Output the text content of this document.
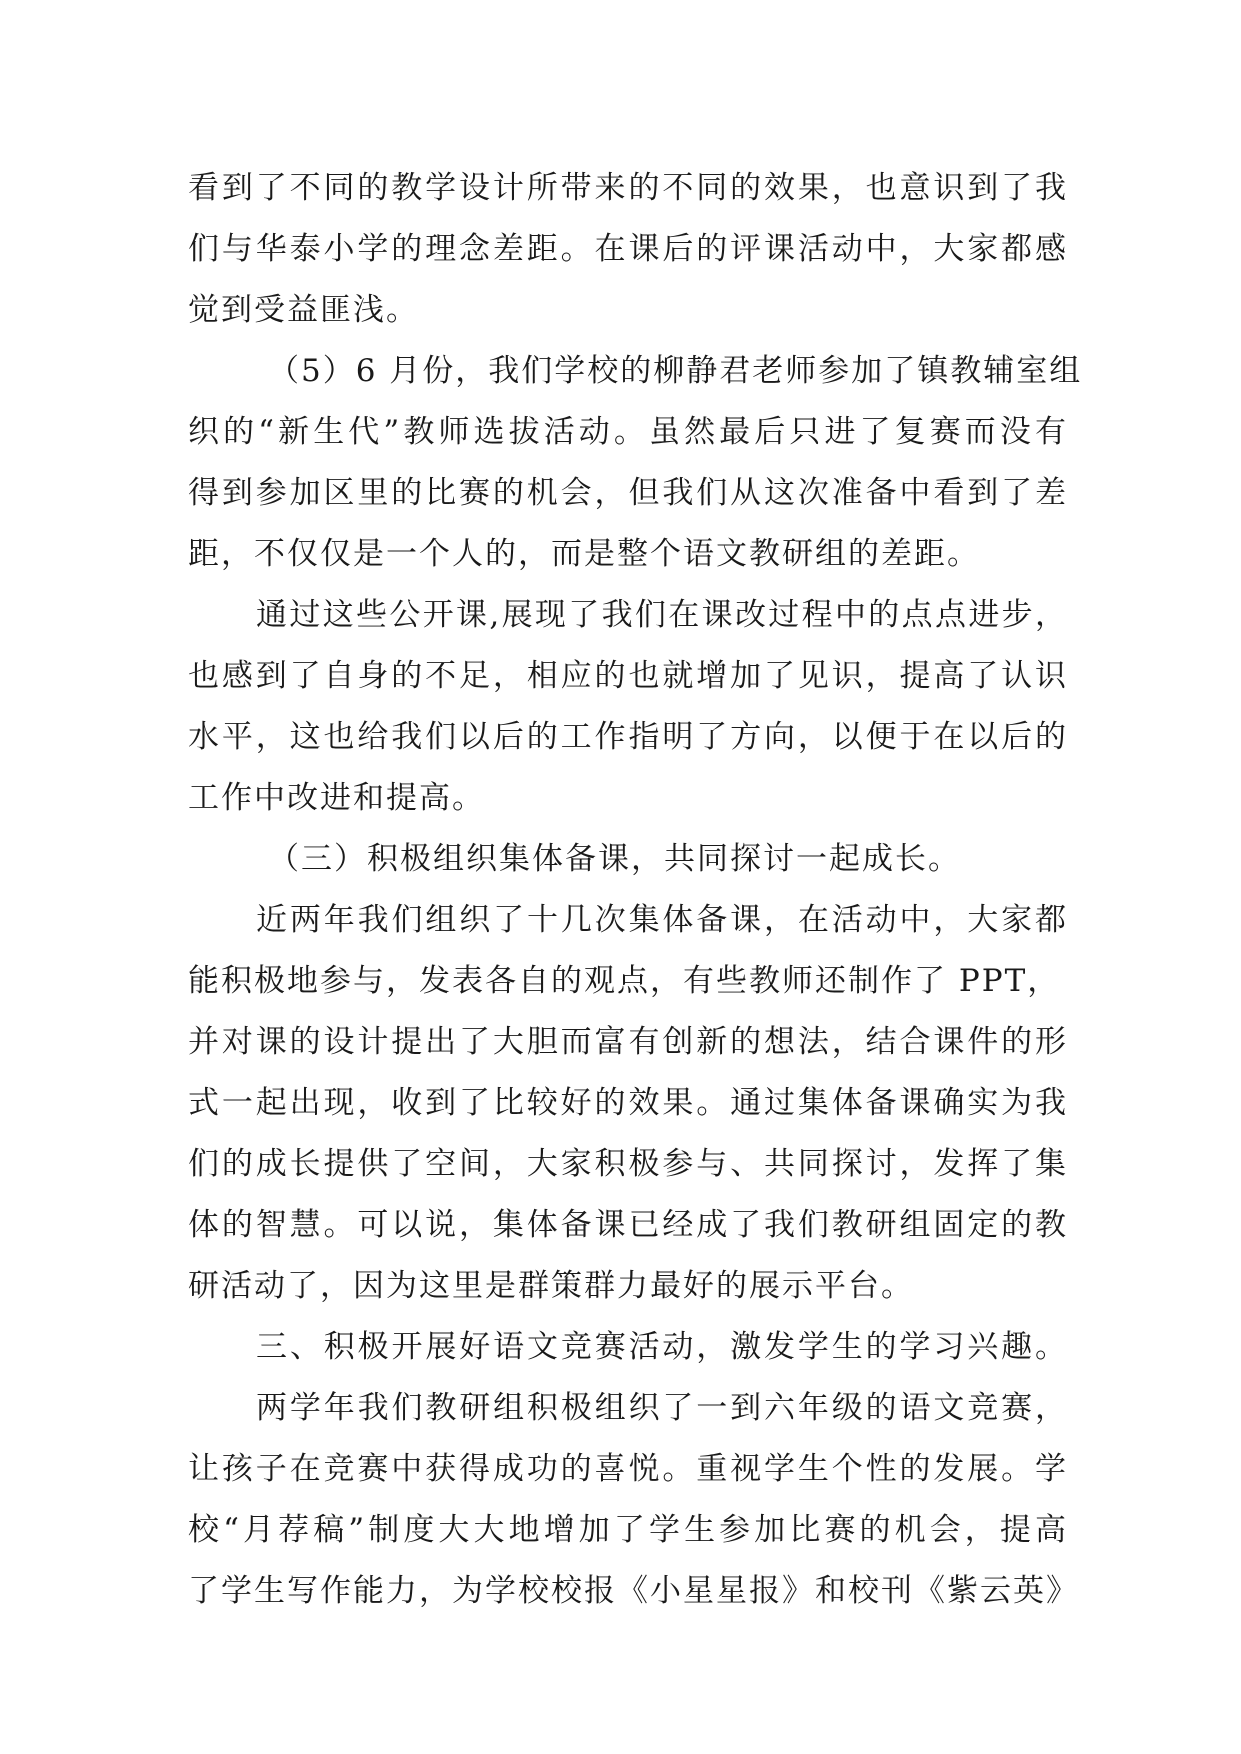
看到了不同的教学设计所带来的不同的效果，也意识到了我
们与华泰小学的理念差距。在课后的评课活动中，大家都感
觉到受益匪浅。
（5）6 月份，我们学校的柳静君老师参加了镇教辅室组
织的“新生代”教师选拔活动。虽然最后只进了复赛而没有
得到参加区里的比赛的机会，但我们从这次准备中看到了差
距，不仅仅是一个人的，而是整个语文教研组的差距。
通过这些公开课,展现了我们在课改过程中的点点进步，
也感到了自身的不足，相应的也就增加了见识，提高了认识
水平，这也给我们以后的工作指明了方向，以便于在以后的
工作中改进和提高。
（三）积极组织集体备课，共同探讨一起成长。
近两年我们组织了十几次集体备课，在活动中，大家都
能积极地参与，发表各自的观点，有些教师还制作了 PPT，
并对课的设计提出了大胆而富有创新的想法，结合课件的形
式一起出现，收到了比较好的效果。通过集体备课确实为我
们的成长提供了空间，大家积极参与、共同探讨，发挥了集
体的智慧。可以说，集体备课已经成了我们教研组固定的教
研活动了，因为这里是群策群力最好的展示平台。
三、积极开展好语文竞赛活动，激发学生的学习兴趣。
两学年我们教研组积极组织了一到六年级的语文竞赛，
让孩子在竞赛中获得成功的喜悦。重视学生个性的发展。学
校“月荐稿”制度大大地增加了学生参加比赛的机会，提高
了学生写作能力，为学校校报《小星星报》和校刊《紫云英》
